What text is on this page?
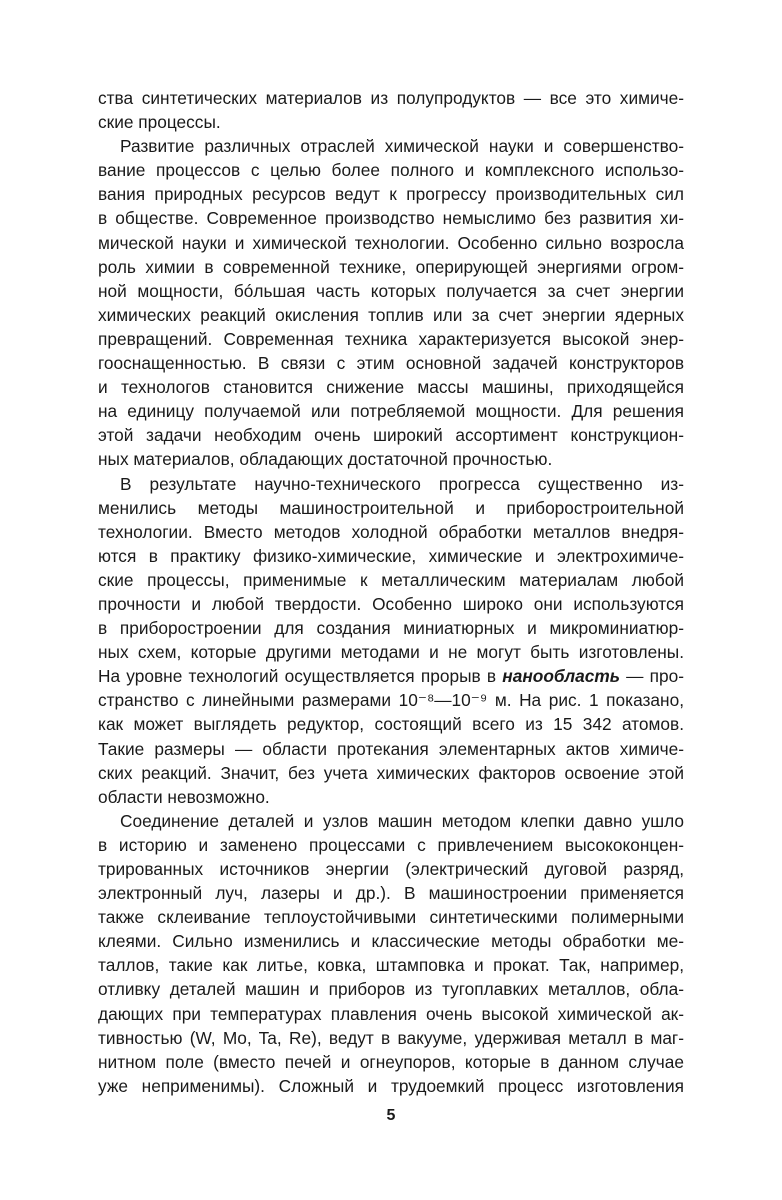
ства синтетических материалов из полупродуктов — все это химиче-
ские процессы.
Развитие различных отраслей химической науки и совершенство-
вание процессов с целью более полного и комплексного использо-
вания природных ресурсов ведут к прогрессу производительных сил
в обществе. Современное производство немыслимо без развития хи-
мической науки и химической технологии. Особенно сильно возросла
роль химии в современной технике, оперирующей энергиями огром-
ной мощности, бóльшая часть которых получается за счет энергии
химических реакций окисления топлив или за счет энергии ядерных
превращений. Современная техника характеризуется высокой энер-
гооснащенностью. В связи с этим основной задачей конструкторов
и технологов становится снижение массы машины, приходящейся
на единицу получаемой или потребляемой мощности. Для решения
этой задачи необходим очень широкий ассортимент конструкцион-
ных материалов, обладающих достаточной прочностью.
В результате научно-технического прогресса существенно из-
менились методы машиностроительной и приборостроительной
технологии. Вместо методов холодной обработки металлов внедря-
ются в практику физико-химические, химические и электрохимиче-
ские процессы, применимые к металлическим материалам любой
прочности и любой твердости. Особенно широко они используются
в приборостроении для создания миниатюрных и микроминиатюр-
ных схем, которые другими методами и не могут быть изготовлены.
На уровне технологий осуществляется прорыв в нанообласть — про-
странство с линейными размерами 10⁻⁸—10⁻⁹ м. На рис. 1 показано,
как может выглядеть редуктор, состоящий всего из 15 342 атомов.
Такие размеры — области протекания элементарных актов химиче-
ских реакций. Значит, без учета химических факторов освоение этой
области невозможно.
Соединение деталей и узлов машин методом клепки давно ушло
в историю и заменено процессами с привлечением высококонцен-
трированных источников энергии (электрический дуговой разряд,
электронный луч, лазеры и др.). В машиностроении применяется
также склеивание теплоустойчивыми синтетическими полимерными
клеями. Сильно изменились и классические методы обработки ме-
таллов, такие как литье, ковка, штамповка и прокат. Так, например,
отливку деталей машин и приборов из тугоплавких металлов, обла-
дающих при температурах плавления очень высокой химической ак-
тивностью (W, Mo, Ta, Re), ведут в вакууме, удерживая металл в маг-
нитном поле (вместо печей и огнеупоров, которые в данном случае
уже неприменимы). Сложный и трудоемкий процесс изготовления
5
